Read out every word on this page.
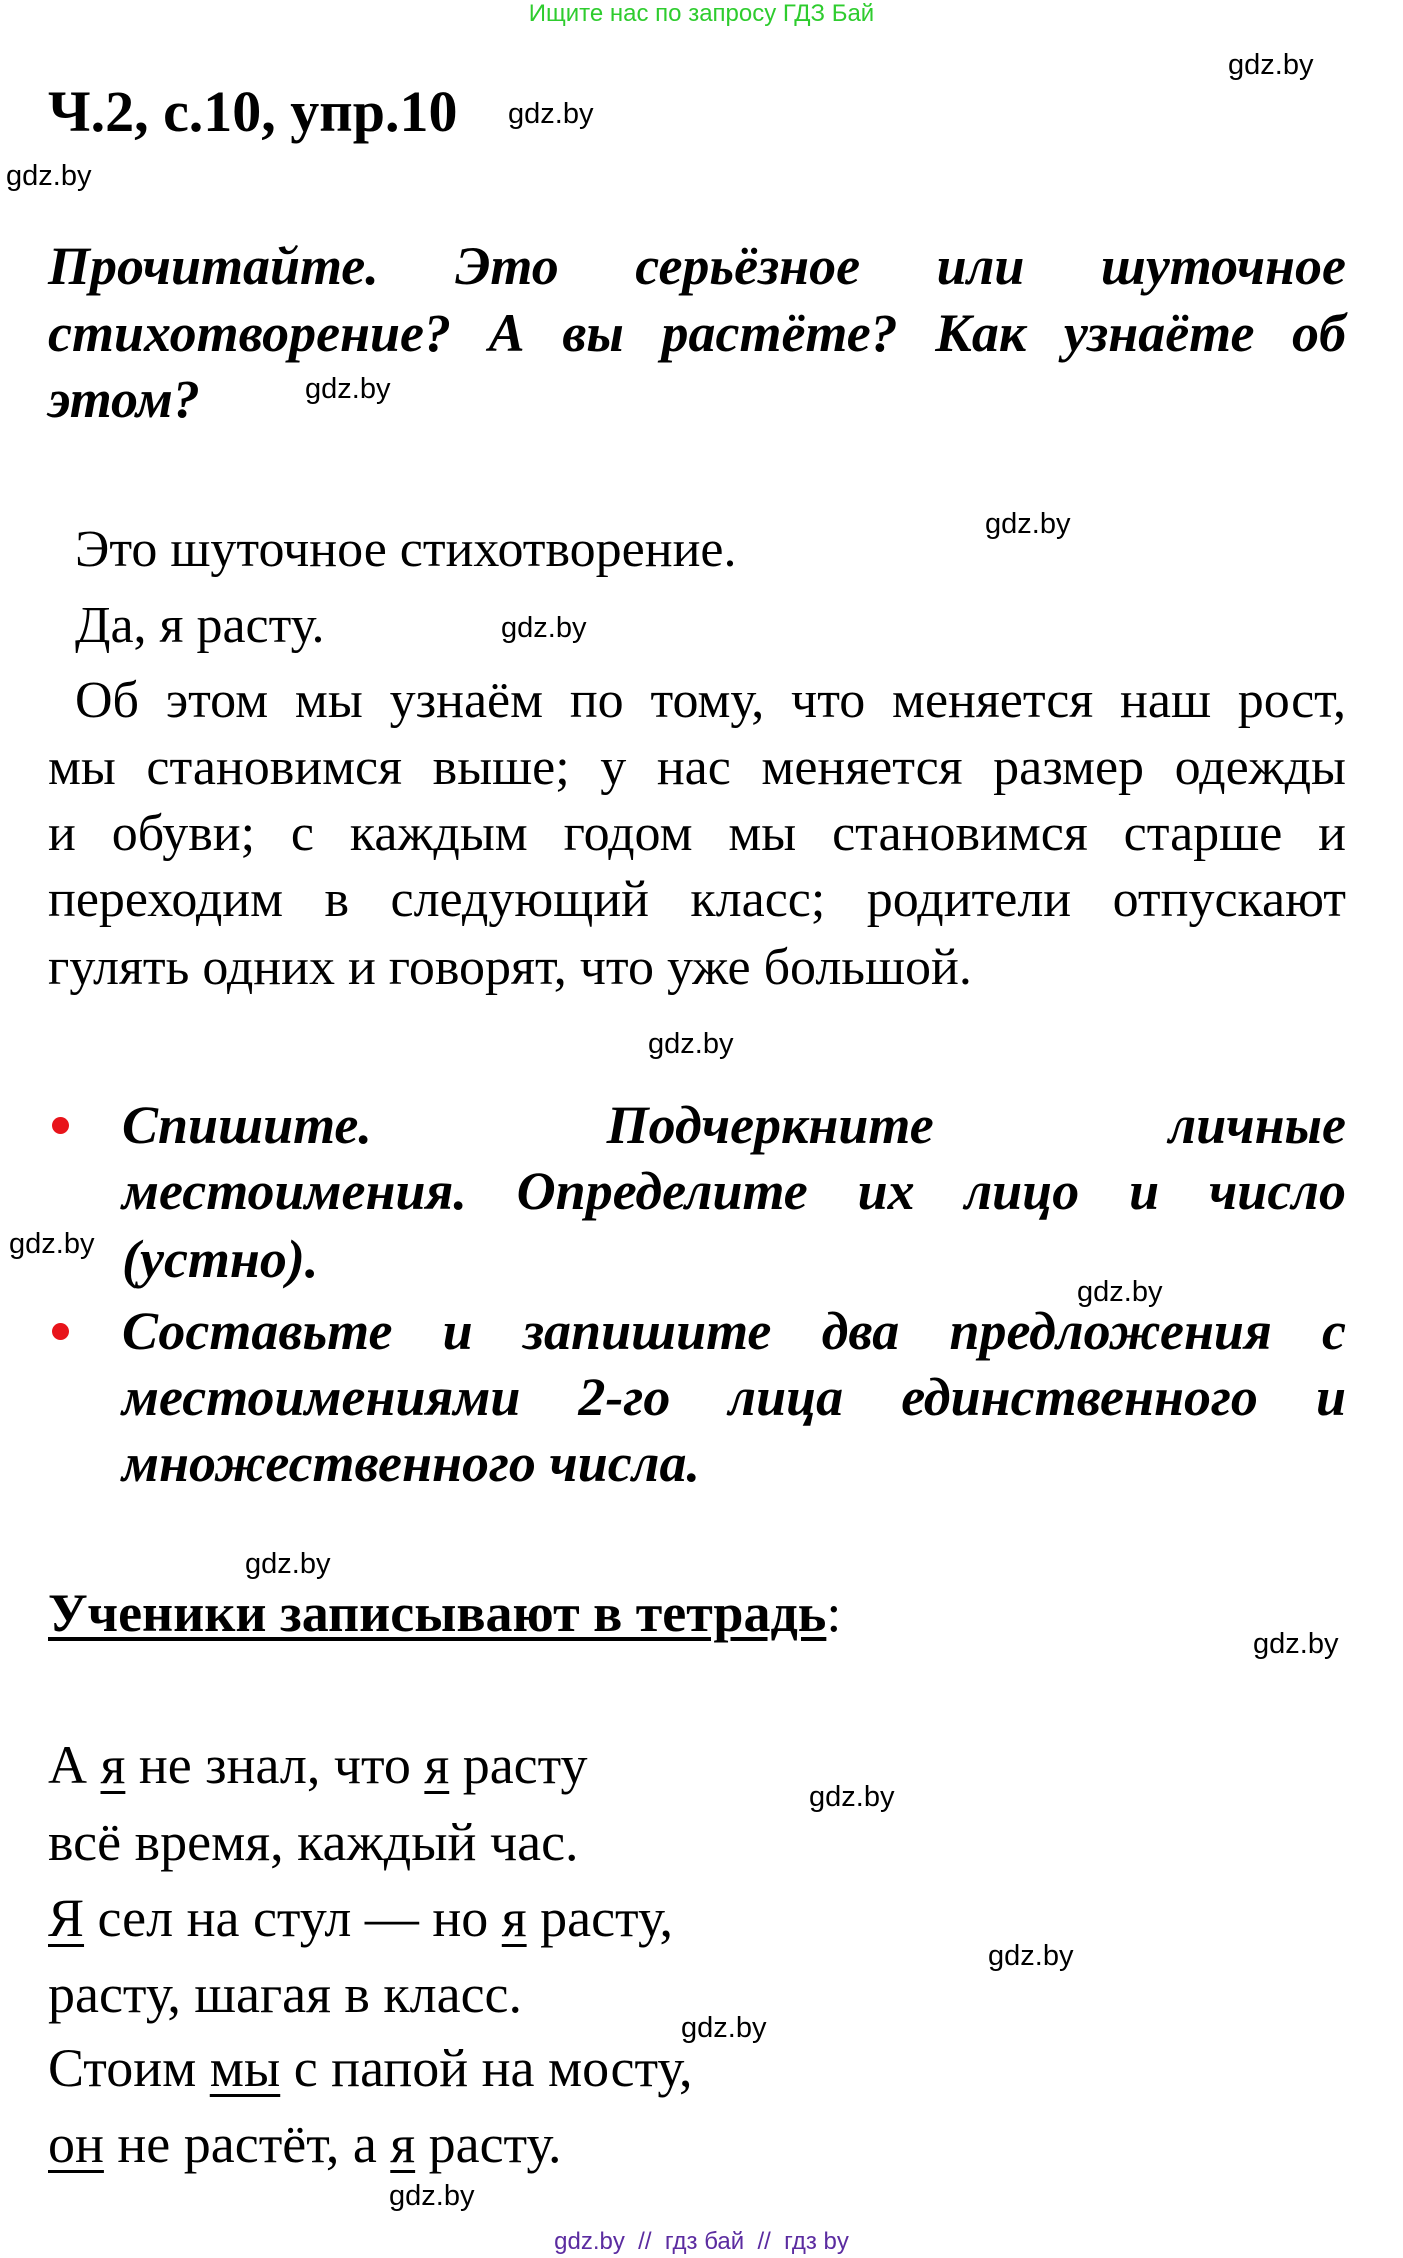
Ищите нас по запросу ГДЗ Бай
Ч.2, с.10, упр.10
gdz.by
gdz.by
gdz.by
gdz.by
gdz.by
gdz.by
gdz.by
gdz.by
gdz.by
gdz.by
gdz.by
gdz.by
gdz.by
gdz.by
gdz.by
Прочитайте. Это серьёзное или шуточное
стихотворение? А вы растёте? Как узнаёте об
этом?
Это шуточное стихотворение.
Да, я расту.
Об этом мы узнаём по тому, что меняется наш рост,
мы становимся выше; у нас меняется размер одежды
и обуви; с каждым годом мы становимся старше и
переходим в следующий класс; родители отпускают
гулять одних и говорят, что уже большой.
Спишите. Подчеркните личные
местоимения. Определите их лицо и число
(устно).
Составьте и запишите два предложения с
местоимениями 2-го лица единственного и
множественного числа.
Ученики записывают в тетрадь:
А я не знал, что я расту
всё время, каждый час.
Я сел на стул — но я расту,
расту, шагая в класс.
Стоим мы с папой на мосту,
он не растёт, а я расту.
gdz.by  //  гдз бай  //  гдз by
